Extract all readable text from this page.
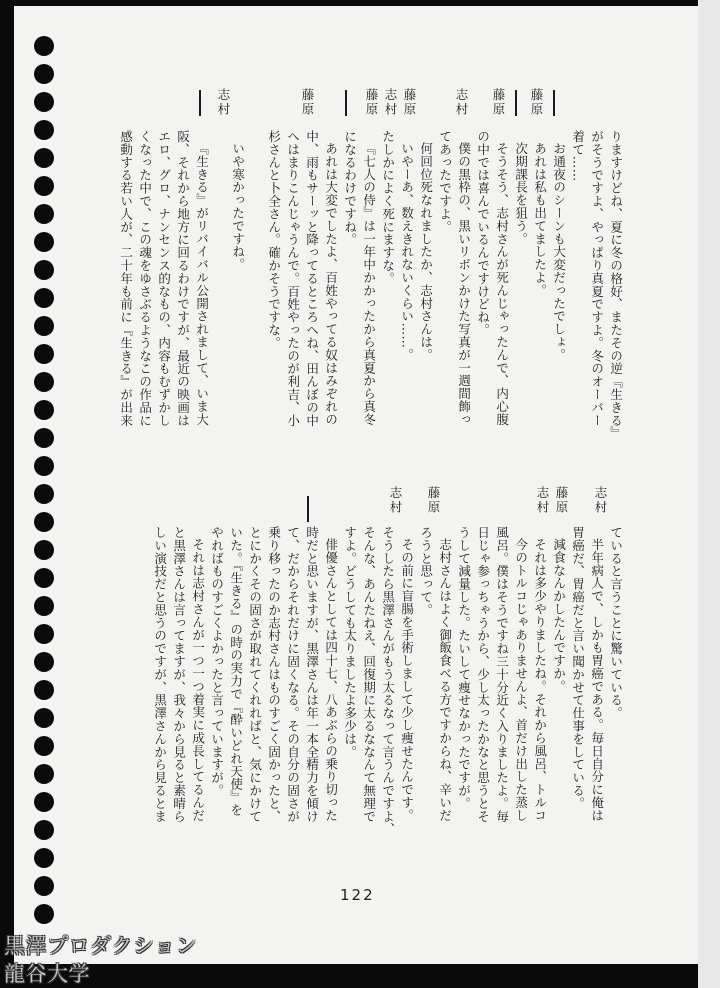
藤原
藤原
志村
藤原
志村
藤原
藤原
志村
りますけどね、夏に冬の格好、またその逆『生きる』
がそうですよ、やっぱり真夏ですよ。冬のオーバー
着て……
お通夜のシーンも大変だったでしょ。
あれは私も出てましたよ。
次期課長を狙う。
そうそう、志村さんが死んじゃったんで、内心腹
の中では喜んでいるんですけどね。
僕の黒枠の、黒いリボンかけた写真が一週間飾っ
てあったですよ。
何回位死なれましたか、志村さんは。
いやーあ、数えきれないくらい……。
たしかによく死にますな。
『七人の侍』は一年中かかったから真夏から真冬
になるわけですね。
あれは大変でしたよ、百姓やってる奴はみぞれの
中、雨もサーッと降ってるところへね、田んぼの中
へはまりこんじゃうんで。百姓やったのが利吉、小
杉さんと卜全さん。確かそうですな。
いや寒かったですね。
『生きる』がリバイバル公開されまして、いま大
阪、それから地方に回るわけですが、最近の映画は
エロ、グロ、ナンセンス的なもの、内容もむずかし
くなった中で、この魂をゆさぶるようなこの作品に
感動する若い人が、二十年も前に『生きる』が出来
志村
藤原
志村
藤原
志村
ていると言うことに驚いている。
半年病人で、しかも胃癌である。毎日自分に俺は
胃癌だ、胃癌だと言い聞かせて仕事をしている。
減食なんかしたんですか。
それは多少やりましたね。それから風呂、トルコ
今のトルコじゃありませんよ、首だけ出した蒸し
風呂。僕はそうですね三十分近く入りましたよ。毎
日じゃ参っちゃうから、少し太ったかなと思うとそ
うして減量した。たいして痩せなかったですが。
志村さんはよく御飯食べる方ですからね、辛いだ
ろうと思って。
その前に盲腸を手術しまして少し痩せたんです。
そうしたら黒澤さんがもう太るなって言うんですよ、
そんな、あんたねえ、回復期に太るななんて無理で
すよ。どうしても太りましたよ多少は。
俳優さんとしては四十七、八あぶらの乗り切った
時だと思いますが、黒澤さんは年一本全精力を傾け
て、だからそれだけに固くなる。その自分の固さが
乗り移ったのか志村さんはものすごく固かったと、
とにかくその固さが取れてくれればと、気にかけて
いた。『生きる』の時の実力で『酔いどれ天使』を
やればものすごくよかったと言っていますが。
それは志村さんが一つ一つ着実に成長してるんだ
と黒澤さんは言ってますが、我々から見ると素晴ら
しい演技だと思うのですが、黒澤さんから見るとま
122
黒澤プロダクション
龍谷大学
